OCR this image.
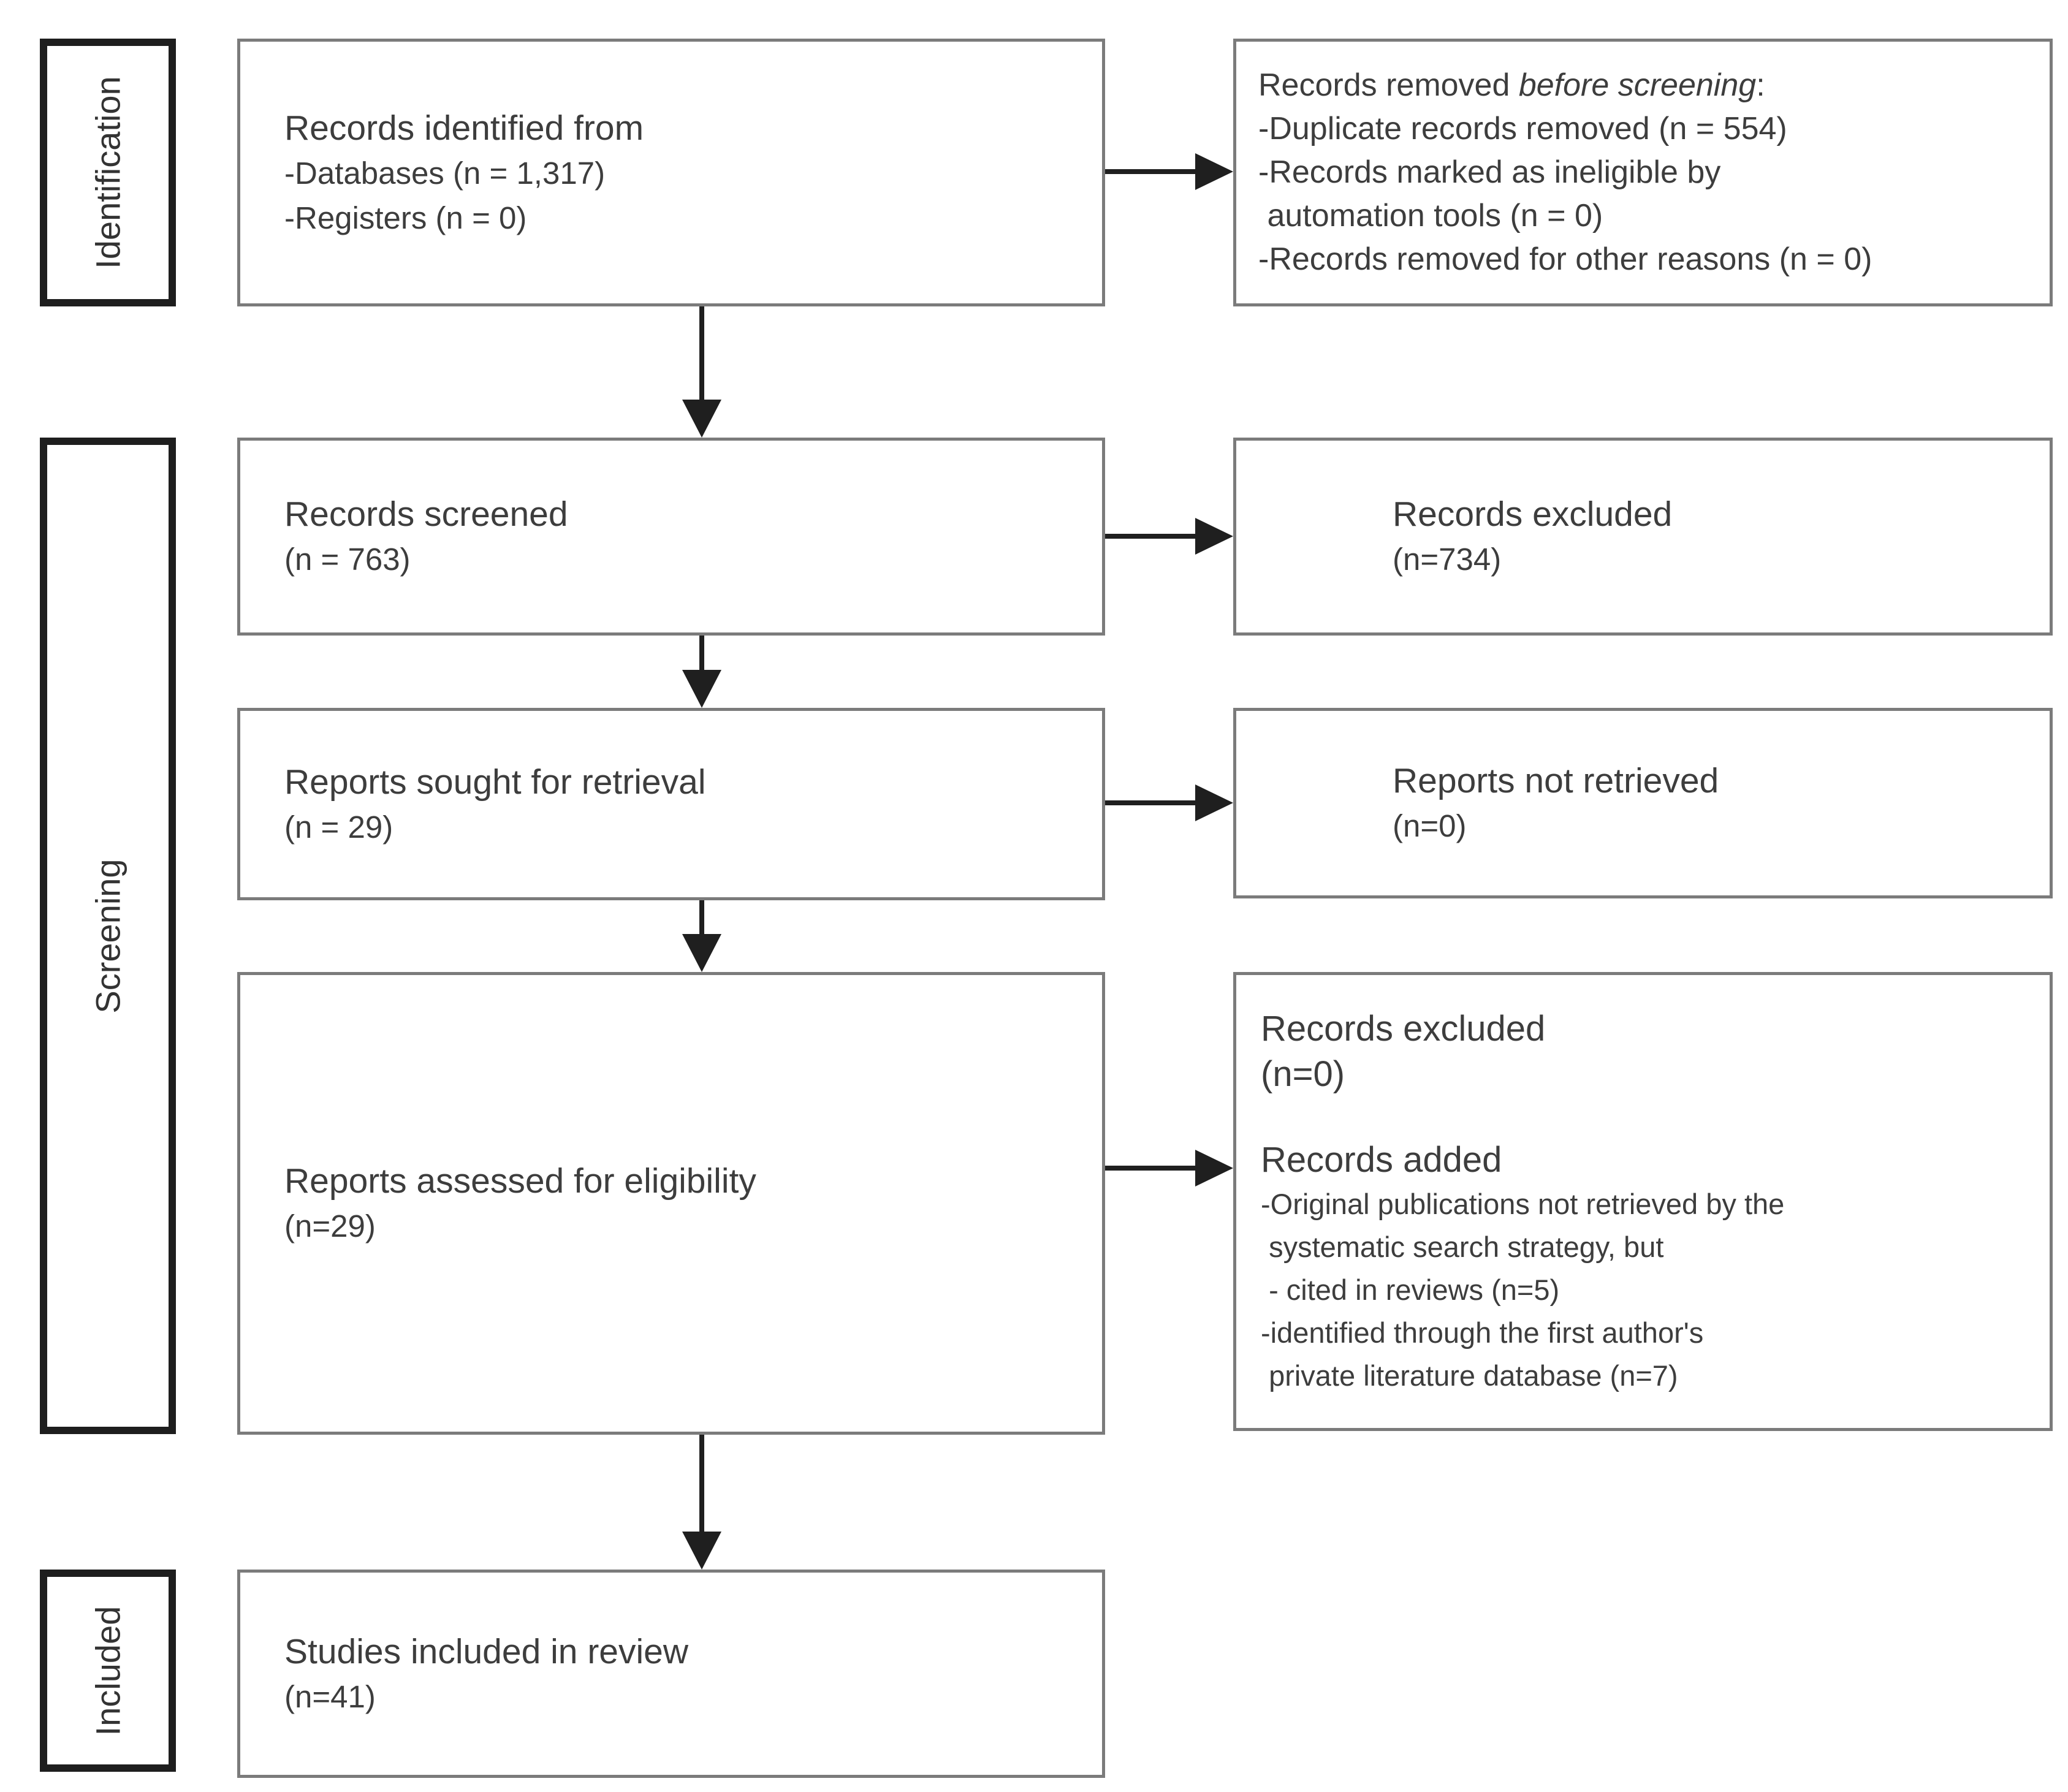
Identification
Screening
Included
Records identified from
-Databases (n = 1,317)
-Registers (n = 0)
Records removed before screening:
-Duplicate records removed (n = 554)
-Records marked as ineligible by
automation tools (n = 0)
-Records removed for other reasons (n = 0)
Records screened
(n = 763)
Records excluded
(n=734)
Reports sought for retrieval
(n = 29)
Reports not retrieved
(n=0)
Reports assessed for eligibility
(n=29)
Records excluded
(n=0)
Records added
-Original publications not retrieved by the
systematic search strategy, but
- cited in reviews (n=5)
-identified through the first author's
private literature database (n=7)
Studies included in review
(n=41)
